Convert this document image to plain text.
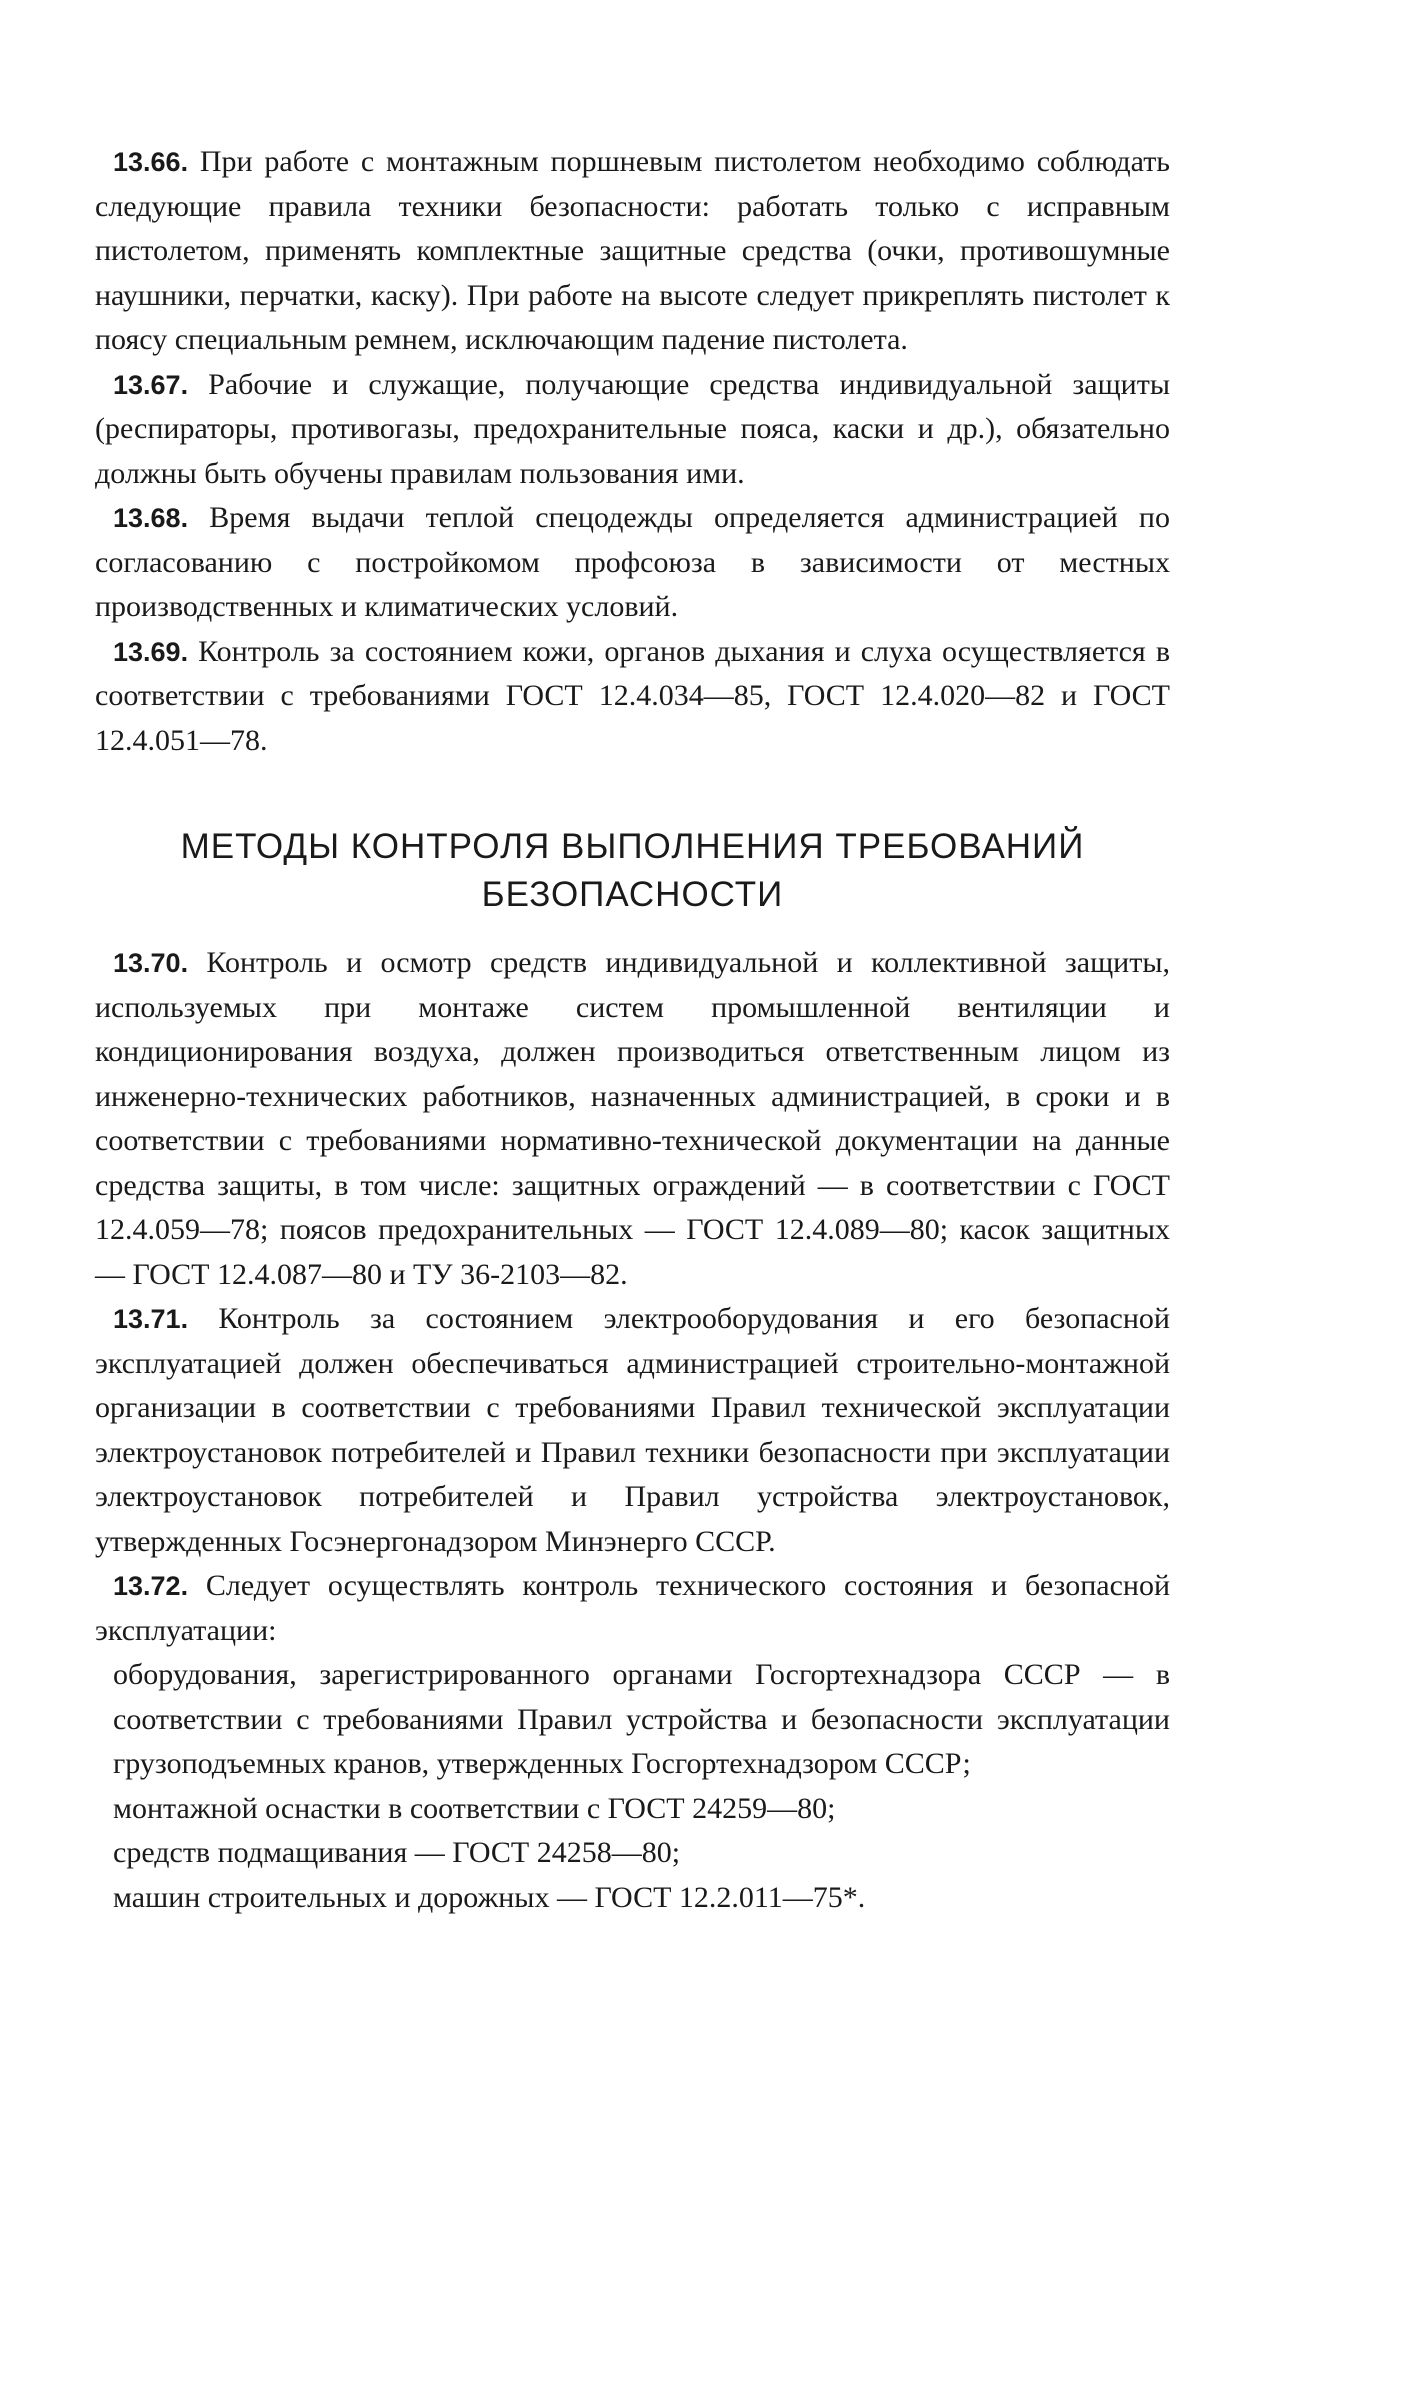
13.66. При работе с монтажным поршневым пистолетом необходимо соблюдать следующие правила техники безопасности: работать только с исправным пистолетом, применять комплектные защитные средства (очки, противошумные наушники, перчатки, каску). При работе на высоте следует прикреплять пистолет к поясу специальным ремнем, исключающим падение пистолета.

13.67. Рабочие и служащие, получающие средства индивидуальной защиты (респираторы, противогазы, предохранительные пояса, каски и др.), обязательно должны быть обучены правилам пользования ими.

13.68. Время выдачи теплой спецодежды определяется администрацией по согласованию с постройкомом профсоюза в зависимости от местных производственных и климатических условий.

13.69. Контроль за состоянием кожи, органов дыхания и слуха осуществляется в соответствии с требованиями ГОСТ 12.4.034—85, ГОСТ 12.4.020—82 и ГОСТ 12.4.051—78.

МЕТОДЫ КОНТРОЛЯ ВЫПОЛНЕНИЯ ТРЕБОВАНИЙ
БЕЗОПАСНОСТИ

13.70. Контроль и осмотр средств индивидуальной и коллективной защиты, используемых при монтаже систем промышленной вентиляции и кондиционирования воздуха, должен производиться ответственным лицом из инженерно-технических работников, назначенных администрацией, в сроки и в соответствии с требованиями нормативно-технической документации на данные средства защиты, в том числе: защитных ограждений — в соответствии с ГОСТ 12.4.059—78; поясов предохранительных — ГОСТ 12.4.089—80; касок защитных — ГОСТ 12.4.087—80 и ТУ 36-2103—82.

13.71. Контроль за состоянием электрооборудования и его безопасной эксплуатацией должен обеспечиваться администрацией строительно-монтажной организации в соответствии с требованиями Правил технической эксплуатации электроустановок потребителей и Правил техники безопасности при эксплуатации электроустановок потребителей и Правил устройства электроустановок, утвержденных Госэнергонадзором Минэнерго СССР.

13.72. Следует осуществлять контроль технического состояния и безопасной эксплуатации:

оборудования, зарегистрированного органами Госгортехнадзора СССР — в соответствии с требованиями Правил устройства и безопасности эксплуатации грузоподъемных кранов, утвержденных Госгортехнадзором СССР;

монтажной оснастки в соответствии с ГОСТ 24259—80;

средств подмащивания — ГОСТ 24258—80;

машин строительных и дорожных — ГОСТ 12.2.011—75*.
